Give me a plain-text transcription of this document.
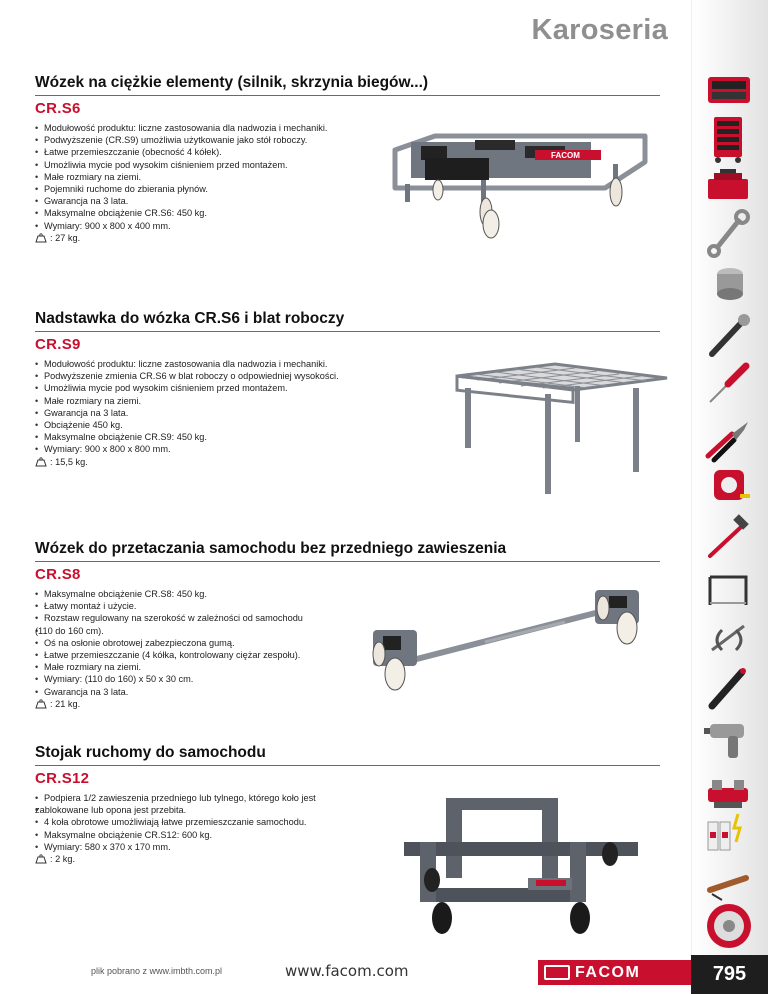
Karoseria
Wózek na ciężkie elementy (silnik, skrzynia biegów...)
CR.S6
• Modułowość produktu: liczne zastosowania dla nadwozia i mechaniki.
• Podwyższenie (CR.S9) umożliwia użytkowanie jako stół roboczy.
• Łatwe przemieszczanie (obecność 4 kółek).
• Umożliwia mycie pod wysokim ciśnieniem przed montażem.
• Małe rozmiary na ziemi.
• Pojemniki ruchome do zbierania płynów.
• Gwarancja na 3 lata.
• Maksymalne obciążenie CR.S6: 450 kg.
• Wymiary: 900 x 800 x 400 mm.
: 27 kg.
FACOM
Nadstawka do wózka CR.S6 i blat roboczy
CR.S9
• Modułowość produktu: liczne zastosowania dla nadwozia i mechaniki.
• Podwyższenie zmienia CR.S6 w blat roboczy o odpowiedniej wysokości.
• Umożliwia mycie pod wysokim ciśnieniem przed montażem.
• Małe rozmiary na ziemi.
• Gwarancja na 3 lata.
• Obciążenie 450 kg.
• Maksymalne obciążenie CR.S9: 450 kg.
• Wymiary: 900 x 800 x 800 mm.
: 15,5 kg.
Wózek do przetaczania samochodu bez przedniego zawieszenia
CR.S8
• Maksymalne obciążenie CR.S8: 450 kg.
• Łatwy montaż i użycie.
• Rozstaw regulowany na szerokość w zależności od samochodu
• (110 do 160 cm).
• Oś na osłonie obrotowej zabezpieczona gumą.
• Łatwe przemieszczanie (4 kółka, kontrolowany ciężar zespołu).
• Małe rozmiary na ziemi.
• Wymiary: (110 do 160) x 50 x 30 cm.
• Gwarancja na 3 lata.
: 21 kg.
Stojak ruchomy do samochodu
CR.S12
• Podpiera 1/2 zawieszenia przedniego lub tylnego, którego koło jest
• zablokowane lub opona jest przebita.
• 4 koła obrotowe umożliwiają łatwe przemieszczanie samochodu.
• Maksymalne obciążenie CR.S12: 600 kg.
• Wymiary: 580 x 370 x 170 mm.
: 2 kg.
plik pobrano z www.imbth.com.pl	www.facom.com	FACOM	795
